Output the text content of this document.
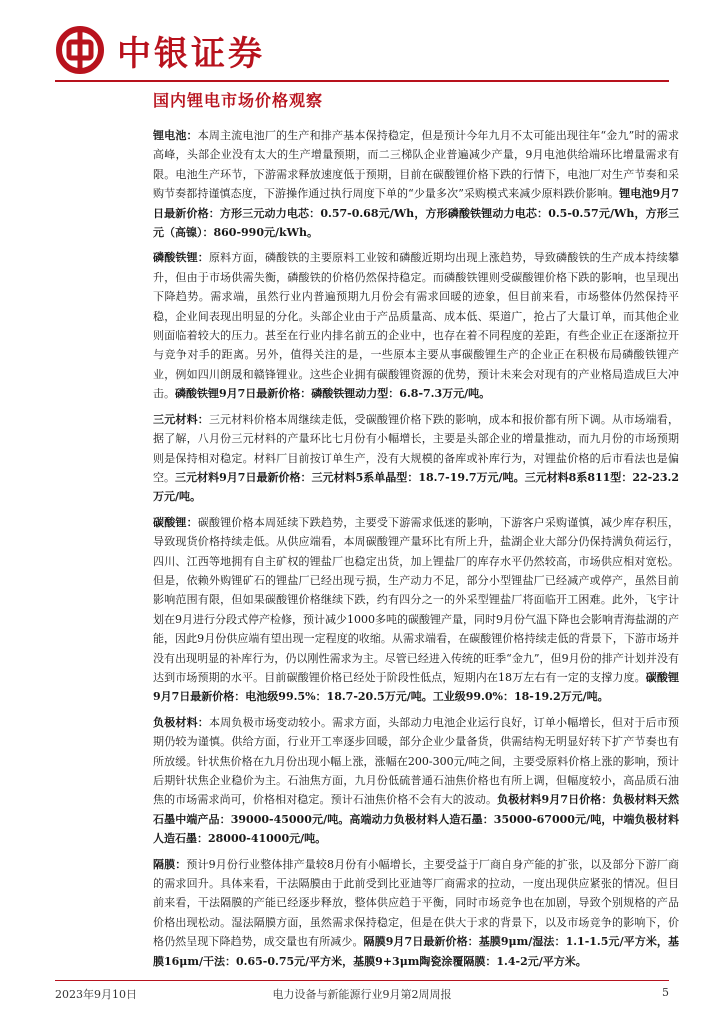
中银证券
国内锂电市场价格观察

锂电池：本周主流电池厂的生产和排产基本保持稳定，但是预计今年九月不太可能出现往年“金九”时的需求高峰，头部企业没有太大的生产增量预期，而二三梯队企业普遍减少产量，9月电池供给端环比增量需求有限。电池生产环节，下游需求释放速度低于预期，目前在碳酸锂价格下跌的行情下，电池厂对生产节奏和采购节奏都持谨慎态度，下游操作通过执行周度下单的“少量多次”采购模式来减少原料跌价影响。锂电池9月7日最新价格：方形三元动力电芯：0.57-0.68元/Wh，方形磷酸铁锂动力电芯：0.5-0.57元/Wh，方形三元（高镍）：860-990元/kWh。

磷酸铁锂：原料方面，磷酸铁的主要原料工业铵和磷酸近期均出现上涨趋势，导致磷酸铁的生产成本持续攀升，但由于市场供需失衡，磷酸铁的价格仍然保持稳定。而磷酸铁锂则受碳酸锂价格下跌的影响，也呈现出下降趋势。需求端，虽然行业内普遍预期九月份会有需求回暖的迹象，但目前来看，市场整体仍然保持平稳，企业间表现出明显的分化。头部企业由于产品质量高、成本低、渠道广，抢占了大量订单，而其他企业则面临着较大的压力。甚至在行业内排名前五的企业中，也存在着不同程度的差距，有些企业正在逐渐拉开与竞争对手的距离。另外，值得关注的是，一些原本主要从事碳酸锂生产的企业正在积极布局磷酸铁锂产业，例如四川朗晟和赣锋锂业。这些企业拥有碳酸锂资源的优势，预计未来会对现有的产业格局造成巨大冲击。磷酸铁锂9月7日最新价格：磷酸铁锂动力型：6.8-7.3万元/吨。

三元材料：三元材料价格本周继续走低，受碳酸锂价格下跌的影响，成本和报价都有所下调。从市场端看，据了解，八月份三元材料的产量环比七月份有小幅增长，主要是头部企业的增量推动，而九月份的市场预期则是保持相对稳定。材料厂目前按订单生产，没有大规模的备库或补库行为，对锂盐价格的后市看法也是偏空。三元材料9月7日最新价格：三元材料5系单晶型：18.7-19.7万元/吨。三元材料8系811型：22-23.2万元/吨。

碳酸锂：碳酸锂价格本周延续下跌趋势，主要受下游需求低迷的影响，下游客户采购谨慎，减少库存积压，导致现货价格持续走低。从供应端看，本周碳酸锂产量环比有所上升，盐湖企业大部分仍保持满负荷运行，四川、江西等地拥有自主矿权的锂盐厂也稳定出货，加上锂盐厂的库存水平仍然较高，市场供应相对宽松。但是，依赖外购锂矿石的锂盐厂已经出现亏损，生产动力不足，部分小型锂盐厂已经减产或停产，虽然目前影响范围有限，但如果碳酸锂价格继续下跌，约有四分之一的外采型锂盐厂将面临开工困难。此外，飞宇计划在9月进行分段式停产检修，预计减少1000多吨的碳酸锂产量，同时9月份气温下降也会影响青海盐湖的产能，因此9月份供应端有望出现一定程度的收缩。从需求端看，在碳酸锂价格持续走低的背景下，下游市场并没有出现明显的补库行为，仍以刚性需求为主。尽管已经进入传统的旺季“金九”，但9月份的排产计划并没有达到市场预期的水平。目前碳酸锂价格已经处于阶段性低点，短期内在18万左右有一定的支撑力度。碳酸锂9月7日最新价格：电池级99.5%：18.7-20.5万元/吨。工业级99.0%：18-19.2万元/吨。

负极材料：本周负极市场变动较小。需求方面，头部动力电池企业运行良好，订单小幅增长，但对于后市预期仍较为谨慎。供给方面，行业开工率逐步回暖，部分企业少量备货，供需结构无明显好转下扩产节奏也有所放缓。针状焦价格在九月份出现小幅上涨，涨幅在200-300元/吨之间，主要受原料价格上涨的影响，预计后期针状焦企业稳价为主。石油焦方面，九月份低硫普通石油焦价格也有所上调，但幅度较小，高品质石油焦的市场需求尚可，价格相对稳定。预计石油焦价格不会有大的波动。负极材料9月7日价格：负极材料天然石墨中端产品：39000-45000元/吨。高端动力负极材料人造石墨：35000-67000元/吨，中端负极材料人造石墨：28000-41000元/吨。

隔膜：预计9月份行业整体排产量较8月份有小幅增长，主要受益于厂商自身产能的扩张，以及部分下游厂商的需求回升。具体来看，干法隔膜由于此前受到比亚迪等厂商需求的拉动，一度出现供应紧张的情况。但目前来看，干法隔膜的产能已经逐步释放，整体供应趋于平衡，同时市场竞争也在加剧，导致个别规格的产品价格出现松动。湿法隔膜方面，虽然需求保持稳定，但是在供大于求的背景下，以及市场竞争的影响下，价格仍然呈现下降趋势，成交量也有所减少。隔膜9月7日最新价格：基膜9μm/湿法：1.1-1.5元/平方米，基膜16μm/干法：0.65-0.75元/平方米，基膜9+3μm陶瓷涂覆隔膜：1.4-2元/平方米。

2023年9月10日	电力设备与新能源行业9月第2周周报	5
